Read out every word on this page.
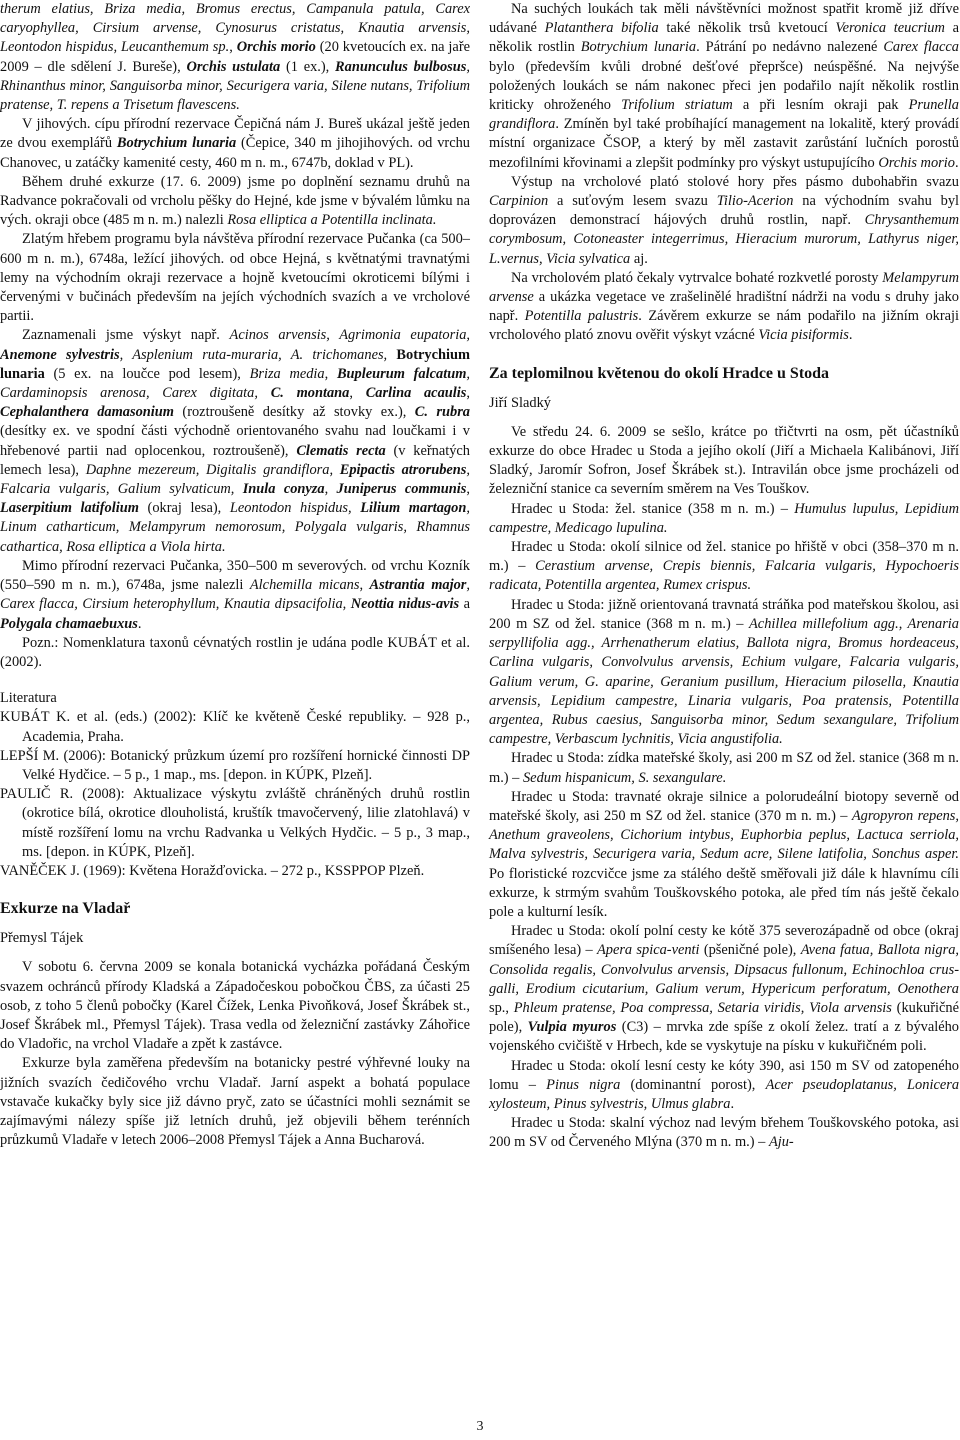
therum elatius, Briza media, Bromus erectus, Campanula patula, Carex caryophyllea, Cirsium arvense, Cynosurus cristatus, Knautia arvensis, Leontodon hispidus, Leucanthemum sp., Orchis morio (20 kvetoucích ex. na jaře 2009 – dle sdělení J. Bureše), Orchis ustulata (1 ex.), Ranunculus bulbosus, Rhinanthus minor, Sanguisorba minor, Securigera varia, Silene nutans, Trifolium pratense, T. repens a Trisetum flavescens.

V jihových. cípu přírodní rezervace Čepičná nám J. Bureš ukázal ještě jeden ze dvou exemplářů Botrychium lunaria (Čepice, 340 m jihojihových. od vrchu Chanovec, u zatáčky kamenité cesty, 460 m n. m., 6747b, doklad v PL).

Během druhé exkurze (17. 6. 2009) jsme po doplnění seznamu druhů na Radvance pokračovali od vrcholu pěšky do Hejné, kde jsme v bývalém lůmku na vých. okraji obce (485 m n. m.) nalezli Rosa elliptica a Potentilla inclinata.

Zlatým hřebem programu byla návštěva přírodní rezervace Pučanka (ca 500–600 m n. m.), 6748a, ležící jihových. od obce Hejná, s květnatými travnatými lemy na východním okraji rezervace a hojně kvetoucími okroticemi bílými i červenými v bučinách především na jejích východních svazích a ve vrcholové partii.

Zaznamenali jsme výskyt např. Acinos arvensis, Agrimonia eupatoria, Anemone sylvestris, Asplenium ruta-muraria, A. trichomanes, Botrychium lunaria (5 ex. na loučce pod lesem), Briza media, Bupleurum falcatum, Cardaminopsis arenosa, Carex digitata, C. montana, Carlina acaulis, Cephalanthera damasonium (roztroušeně desítky až stovky ex.), C. rubra (desítky ex. ve spodní části východně orientovaného svahu nad loučkami i v hřebenové partii nad oplocenkou, roztroušeně), Clematis recta (v keřnatých lemech lesa), Daphne mezereum, Digitalis grandiflora, Epipactis atrorubens, Falcaria vulgaris, Galium sylvaticum, Inula conyza, Juniperus communis, Laserpitium latifolium (okraj lesa), Leontodon hispidus, Lilium martagon, Linum catharticum, Melampyrum nemorosum, Polygala vulgaris, Rhamnus cathartica, Rosa elliptica a Viola hirta.

Mimo přírodní rezervaci Pučanka, 350–500 m severových. od vrchu Kozník (550–590 m n. m.), 6748a, jsme nalezli Alchemilla micans, Astrantia major, Carex flacca, Cirsium heterophyllum, Knautia dipsacifolia, Neottia nidus-avis a Polygala chamaebuxus.

Pozn.: Nomenklatura taxonů cévnatých rostlin je udána podle KUBÁT et al. (2002).

Literatura

KUBÁT K. et al. (eds.) (2002): Klíč ke květeně České republiky. – 928 p., Academia, Praha.

LEPŠÍ M. (2006): Botanický průzkum území pro rozšíření hornické činnosti DP Velké Hydčice. – 5 p., 1 map., ms. [depon. in KÚPK, Plzeň].

PAULIČ R. (2008): Aktualizace výskytu zvláště chráněných druhů rostlin (okrotice bílá, okrotice dlouholistá, kruštík tmavočervený, lilie zlatohlavá) v místě rozšíření lomu na vrchu Radvanka u Velkých Hydčic. – 5 p., 3 map., ms. [depon. in KÚPK, Plzeň].

VANĚČEK J. (1969): Květena Horažďovicka. – 272 p., KSSPPOP Plzeň.

Exkurze na Vladař

Přemysl Tájek

V sobotu 6. června 2009 se konala botanická vycházka pořádaná Českým svazem ochránců přírody Kladská a Západočeskou pobočkou ČBS, za účasti 25 osob, z toho 5 členů pobočky (Karel Čížek, Lenka Pivoňková, Josef Škrábek st., Josef Škrábek ml., Přemysl Tájek). Trasa vedla od železniční zastávky Záhořice do Vladořic, na vrchol Vladaře a zpět k zastávce.

Exkurze byla zaměřena především na botanicky pestré výhřevné louky na jižních svazích čedičového vrchu Vladař. Jarní aspekt a bohatá populace vstavače kukačky byly sice již dávno pryč, zato se účastníci mohli seznámit se zajímavými nálezy spíše již letních druhů, jež objevili během terénních průzkumů Vladaře v letech 2006–2008 Přemysl Tájek a Anna Bucharová.

Na suchých loukách tak měli návštěvníci možnost spatřit kromě již dříve udávané Platanthera bifolia také několik trsů kvetoucí Veronica teucrium a několik rostlin Botrychium lunaria. Pátrání po nedávno nalezené Carex flacca bylo (především kvůli drobné dešťové přepršce) neúspěšné. Na nejvýše položených loukách se nám nakonec přeci jen podařilo najít několik rostlin kriticky ohroženého Trifolium striatum a při lesním okraji pak Prunella grandiflora. Zmíněn byl také probíhající management na lokalitě, který provádí místní organizace ČSOP, a který by měl zastavit zarůstání lučních porostů mezofilními křovinami a zlepšit podmínky pro výskyt ustupujícího Orchis morio.

Výstup na vrcholové plató stolové hory přes pásmo dubohabřin svazu Carpinion a suťovým lesem svazu Tilio-Acerion na východním svahu byl doprovázen demonstrací hájových druhů rostlin, např. Chrysanthemum corymbosum, Cotoneaster integerrimus, Hieracium murorum, Lathyrus niger, L.vernus, Vicia sylvatica aj.

Na vrcholovém plató čekaly vytrvalce bohaté rozkvetlé porosty Melampyrum arvense a ukázka vegetace ve zrašelinělé hradištní nádrži na vodu s druhy jako např. Potentilla palustris. Závěrem exkurze se nám podařilo na jižním okraji vrcholového plató znovu ověřit výskyt vzácné Vicia pisiformis.

Za teplomilnou květenou do okolí Hradce u Stoda

Jiří Sladký

Ve středu 24. 6. 2009 se sešlo, krátce po třičtvrti na osm, pět účastníků exkurze do obce Hradec u Stoda a jejího okolí (Jiří a Michaela Kalibánovi, Jiří Sladký, Jaromír Sofron, Josef Škrábek st.). Intravilán obce jsme procházeli od železniční stanice ca severním směrem na Ves Touškov.

Hradec u Stoda: žel. stanice (358 m n. m.) – Humulus lupulus, Lepidium campestre, Medicago lupulina.

Hradec u Stoda: okolí silnice od žel. stanice po hřiště v obci (358–370 m n. m.) – Cerastium arvense, Crepis biennis, Falcaria vulgaris, Hypochoeris radicata, Potentilla argentea, Rumex crispus.

Hradec u Stoda: jižně orientovaná travnatá stráňka pod mateřskou školou, asi 200 m SZ od žel. stanice (368 m n. m.) – Achillea millefolium agg., Arenaria serpyllifolia agg., Arrhenatherum elatius, Ballota nigra, Bromus hordeaceus, Carlina vulgaris, Convolvulus arvensis, Echium vulgare, Falcaria vulgaris, Galium verum, G. aparine, Geranium pusillum, Hieracium pilosella, Knautia arvensis, Lepidium campestre, Linaria vulgaris, Poa pratensis, Potentilla argentea, Rubus caesius, Sanguisorba minor, Sedum sexangulare, Trifolium campestre, Verbascum lychnitis, Vicia angustifolia.

Hradec u Stoda: zídka mateřské školy, asi 200 m SZ od žel. stanice (368 m n. m.) – Sedum hispanicum, S. sexangulare.

Hradec u Stoda: travnaté okraje silnice a polorudeální biotopy severně od mateřské školy, asi 250 m SZ od žel. stanice (370 m n. m.) – Agropyron repens, Anethum graveolens, Cichorium intybus, Euphorbia peplus, Lactuca serriola, Malva sylvestris, Securigera varia, Sedum acre, Silene latifolia, Sonchus asper. Po floristické rozcvičce jsme za stálého deště směřovali již dále k hlavnímu cíli exkurze, k strmým svahům Touškovského potoka, ale před tím nás ještě čekalo pole a kulturní lesík.

Hradec u Stoda: okolí polní cesty ke kótě 375 severozápadně od obce (okraj smíšeného lesa) – Apera spica-venti (pšeničné pole), Avena fatua, Ballota nigra, Consolida regalis, Convolvulus arvensis, Dipsacus fullonum, Echinochloa crus-galli, Erodium cicutarium, Galium verum, Hypericum perforatum, Oenothera sp., Phleum pratense, Poa compressa, Setaria viridis, Viola arvensis (kukuřičné pole), Vulpia myuros (C3) – mrvka zde spíše z okolí želez. tratí a z bývalého vojenského cvičiště v Hrbech, kde se vyskytuje na písku v kukuřičném poli.

Hradec u Stoda: okolí lesní cesty ke kóty 390, asi 150 m SV od zatopeného lomu – Pinus nigra (dominantní porost), Acer pseudoplatanus, Lonicera xylosteum, Pinus sylvestris, Ulmus glabra.

Hradec u Stoda: skalní výchoz nad levým břehem Touškovského potoka, asi 200 m SV od Červeného Mlýna (370 m n. m.) – Aju-

3
